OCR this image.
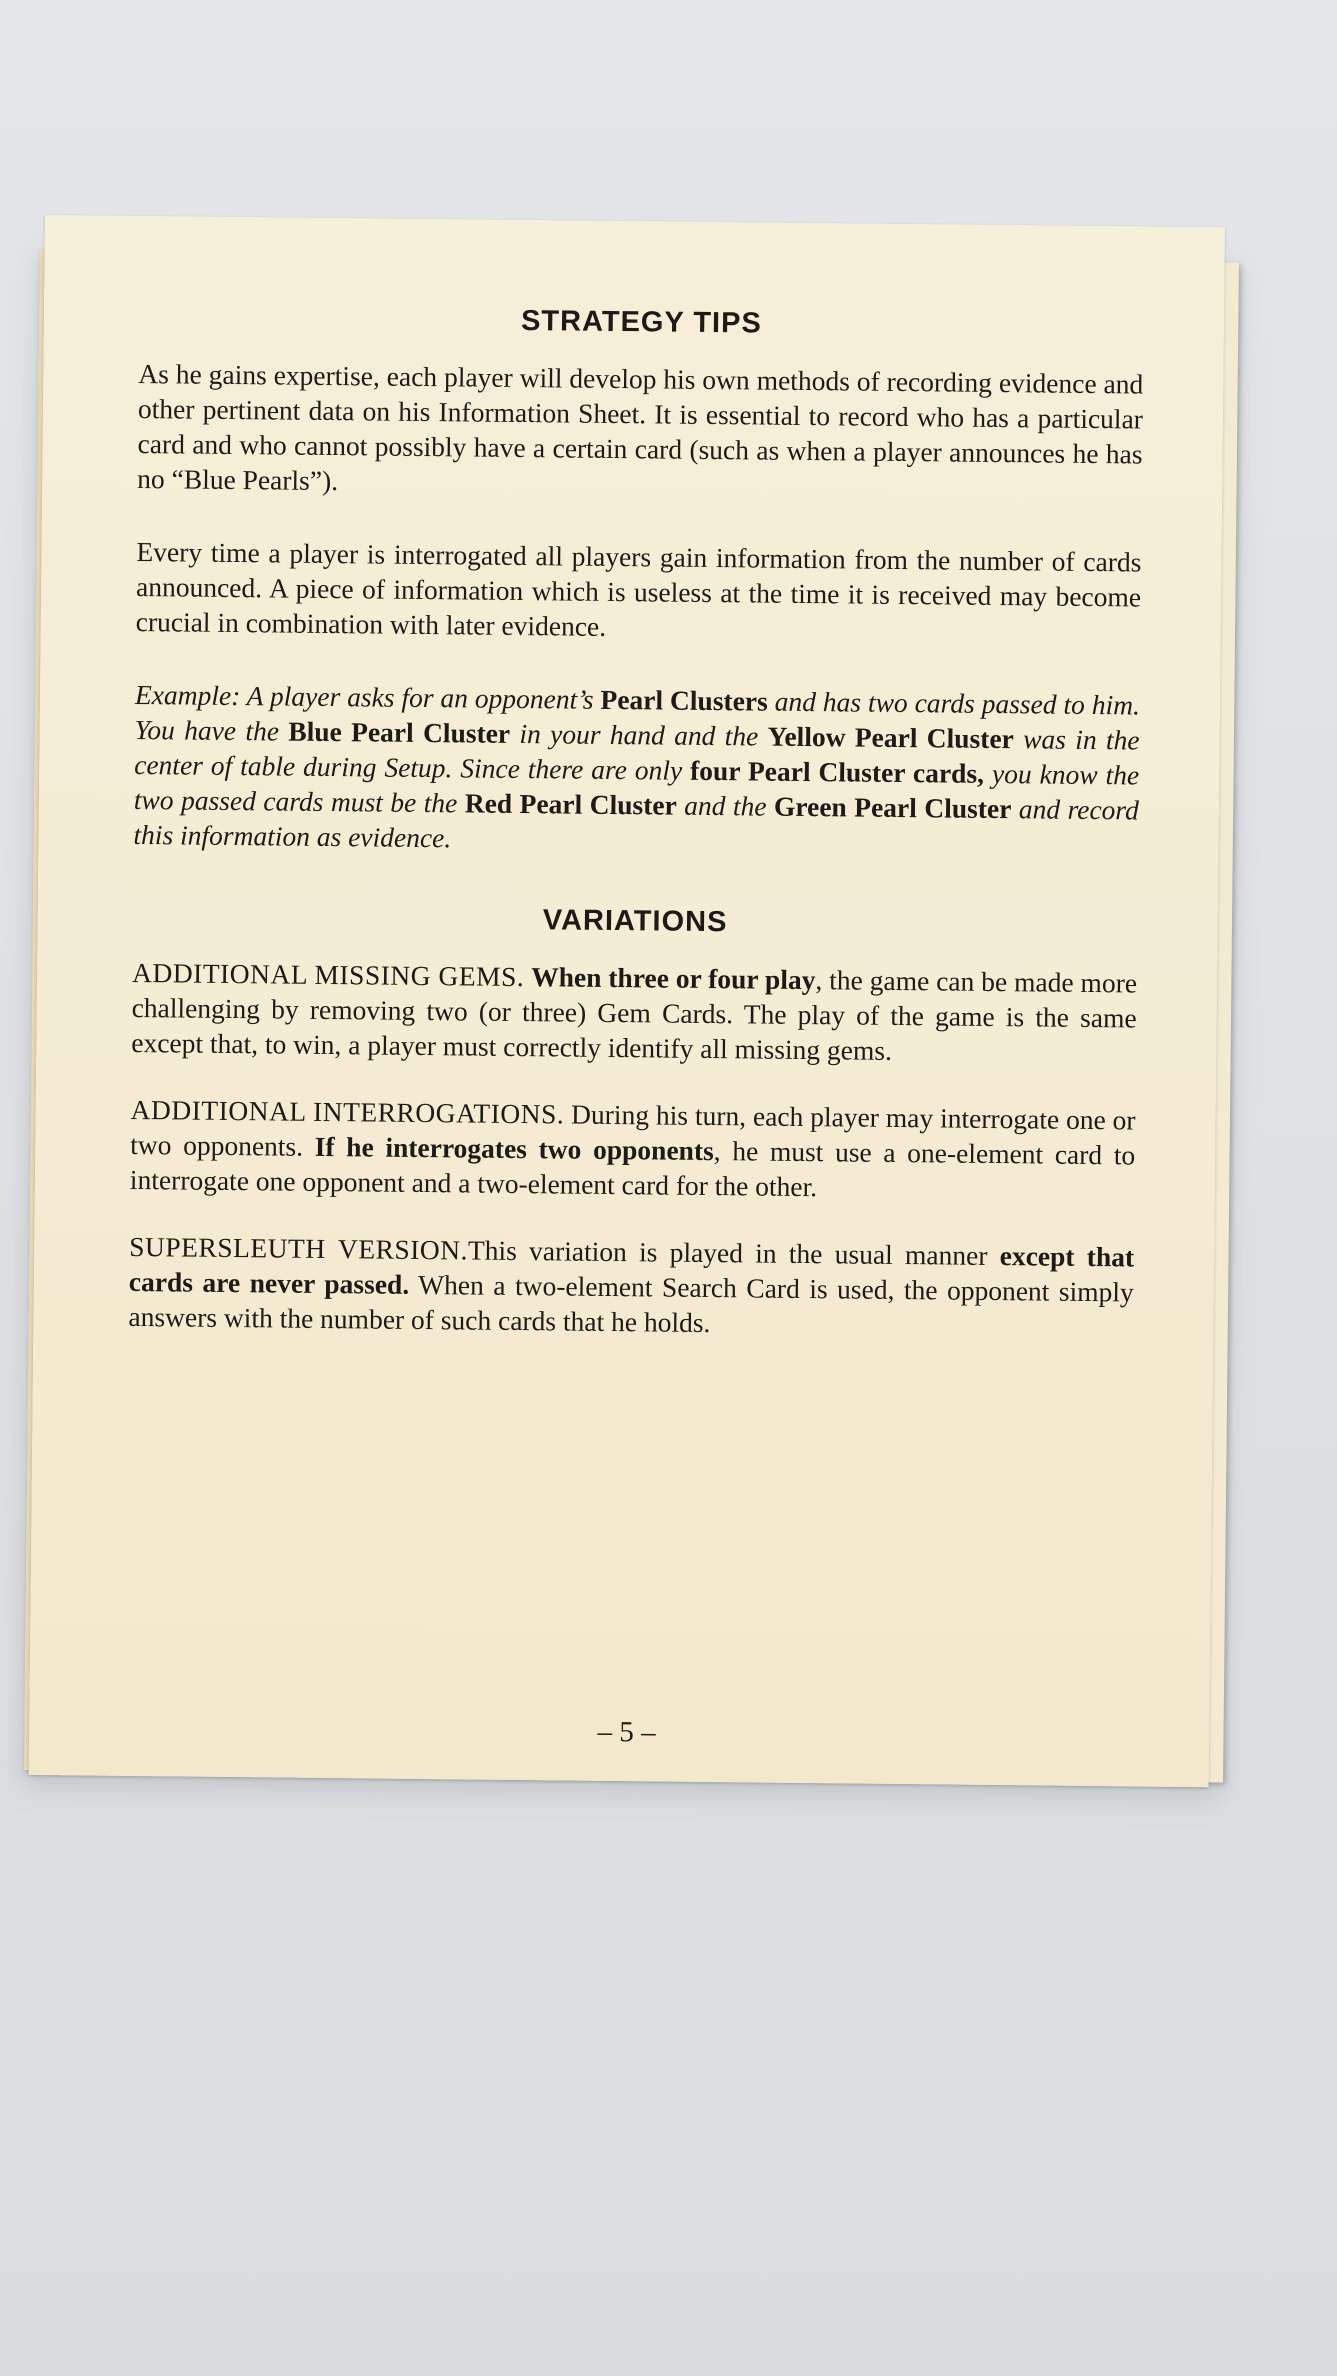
STRATEGY TIPS

As he gains expertise, each player will develop his own methods of recording evidence and other pertinent data on his Information Sheet. It is essential to record who has a particular card and who cannot possibly have a certain card (such as when a player announces he has no “Blue Pearls”).

Every time a player is interrogated all players gain information from the number of cards announced. A piece of information which is useless at the time it is received may become crucial in combination with later evidence.

Example: A player asks for an opponent’s Pearl Clusters and has two cards passed to him. You have the Blue Pearl Cluster in your hand and the Yellow Pearl Cluster was in the center of table during Setup. Since there are only four Pearl Cluster cards, you know the two passed cards must be the Red Pearl Cluster and the Green Pearl Cluster and record this information as evidence.

VARIATIONS

ADDITIONAL MISSING GEMS. When three or four play, the game can be made more challenging by removing two (or three) Gem Cards. The play of the game is the same except that, to win, a player must correctly identify all missing gems.

ADDITIONAL INTERROGATIONS. During his turn, each player may interrogate one or two opponents. If he interrogates two opponents, he must use a one-element card to interrogate one opponent and a two-element card for the other.

SUPERSLEUTH VERSION.This variation is played in the usual manner except that cards are never passed. When a two-element Search Card is used, the opponent simply answers with the number of such cards that he holds.

– 5 –
